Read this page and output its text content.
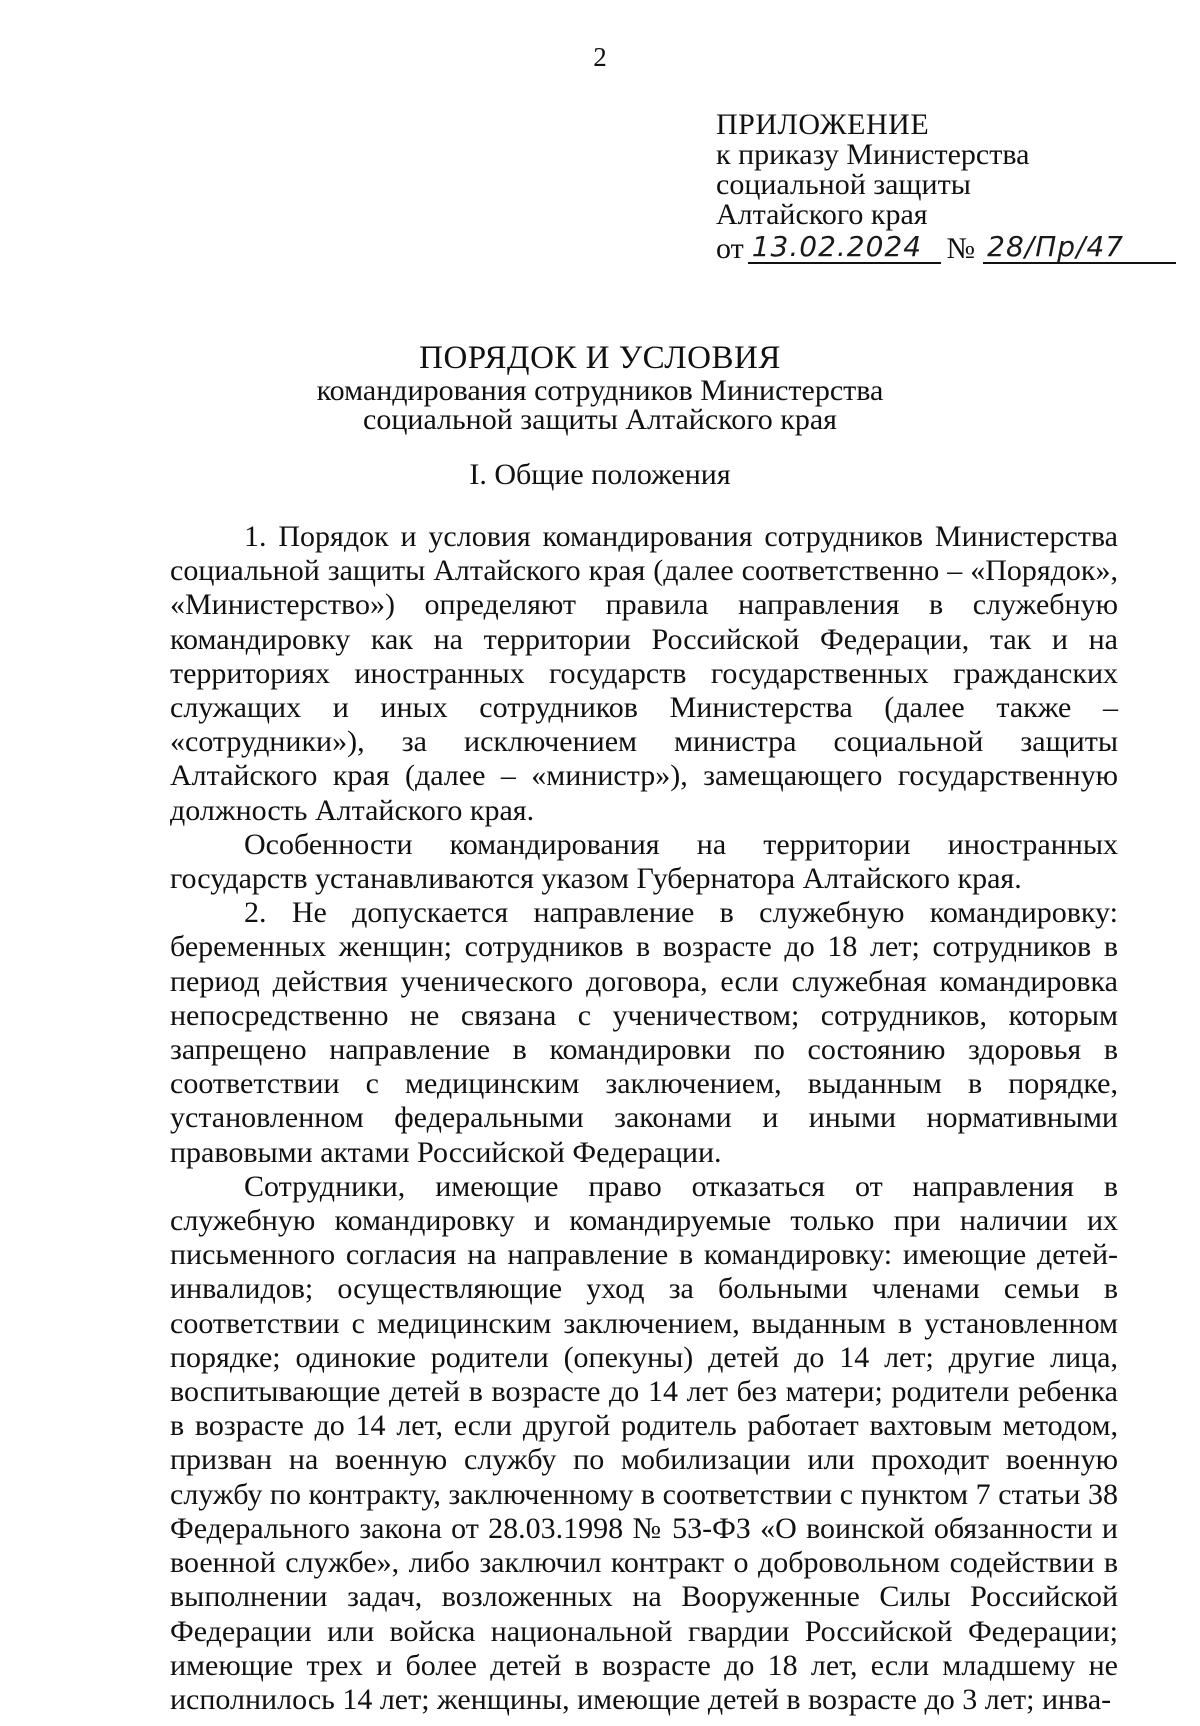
2
ПРИЛОЖЕНИЕ
к приказу Министерства
социальной защиты
Алтайского края
от 13.02.2024 № 28/Пр/47
ПОРЯДОК И УСЛОВИЯ
командирования сотрудников Министерства
социальной защиты Алтайского края
I. Общие положения

1. Порядок и условия командирования сотрудников Министерства социальной защиты Алтайского края (далее соответственно – «Порядок», «Министерство») определяют правила направления в служебную командировку как на территории Российской Федерации, так и на территориях иностранных государств государственных гражданских служащих и иных сотрудников Министерства (далее также – «сотрудники»), за исключением министра социальной защиты Алтайского края (далее – «министр»), замещающего государственную должность Алтайского края.

Особенности командирования на территории иностранных государств устанавливаются указом Губернатора Алтайского края.

2. Не допускается направление в служебную командировку: беременных женщин; сотрудников в возрасте до 18 лет; сотрудников в период действия ученического договора, если служебная командировка непосредственно не связана с ученичеством; сотрудников, которым запрещено направление в командировки по состоянию здоровья в соответствии с медицинским заключением, выданным в порядке, установленном федеральными законами и иными нормативными правовыми актами Российской Федерации.

Сотрудники, имеющие право отказаться от направления в служебную командировку и командируемые только при наличии их письменного согласия на направление в командировку: имеющие детей-инвалидов; осуществляющие уход за больными членами семьи в соответствии с медицинским заключением, выданным в установленном порядке; одинокие родители (опекуны) детей до 14 лет; другие лица, воспитывающие детей в возрасте до 14 лет без матери; родители ребенка в возрасте до 14 лет, если другой родитель работает вахтовым методом, призван на военную службу по мобилизации или проходит военную службу по контракту, заключенному в соответствии с пунктом 7 статьи 38 Федерального закона от 28.03.1998 № 53-ФЗ «О воинской обязанности и военной службе», либо заключил контракт о добровольном содействии в выполнении задач, возложенных на Вооруженные Силы Российской Федерации или войска национальной гвардии Российской Федерации; имеющие трех и более детей в возрасте до 18 лет, если младшему не исполнилось 14 лет; женщины, имеющие детей в возрасте до 3 лет; инва-
